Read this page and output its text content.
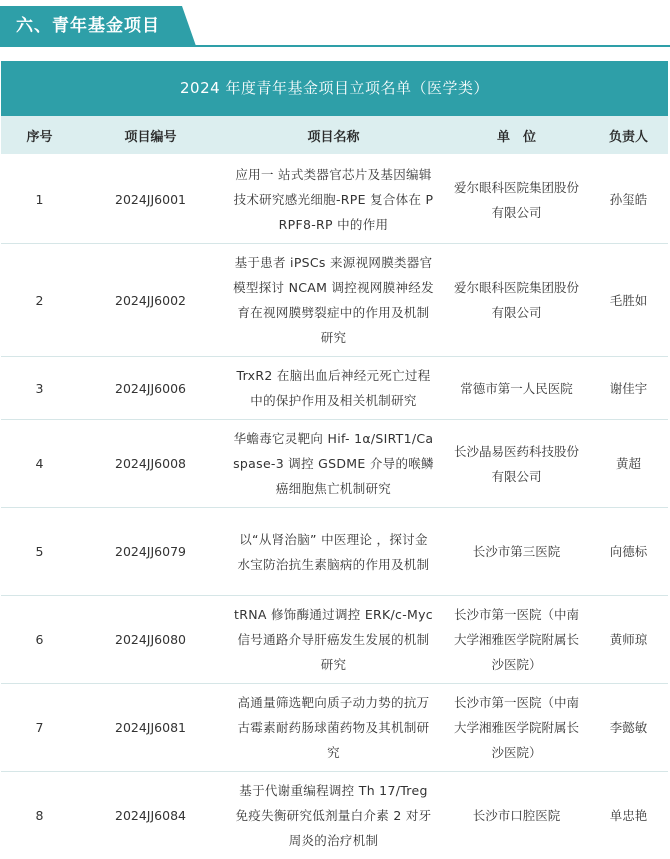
六、青年基金项目
2024 年度青年基金项目立项名单（医学类）
序号	项目编号	项目名称	单　位	负责人
1	2024JJ6001	应用一 站式类器官芯片及基因编辑技术研究感光细胞-RPE 复合体在 PRPF8-RP 中的作用	爱尔眼科医院集团股份有限公司	孙玺皓
2	2024JJ6002	基于患者 iPSCs 来源视网膜类器官模型探讨 NCAM 调控视网膜神经发育在视网膜劈裂症中的作用及机制研究	爱尔眼科医院集团股份有限公司	毛胜如
3	2024JJ6006	TrxR2 在脑出血后神经元死亡过程中的保护作用及相关机制研究	常德市第一人民医院	谢佳宇
4	2024JJ6008	华蟾毒它灵靶向 Hif- 1α/SIRT1/Caspase-3 调控 GSDME 介导的喉鳞癌细胞焦亡机制研究	长沙晶易医药科技股份有限公司	黄超
5	2024JJ6079	以“从肾治脑” 中医理论 ，探讨金水宝防治抗生素脑病的作用及机制	长沙市第三医院	向德标
6	2024JJ6080	tRNA 修饰酶通过调控 ERK/c-Myc 信号通路介导肝癌发生发展的机制研究	长沙市第一医院（中南大学湘雅医学院附属长沙医院）	黄师琼
7	2024JJ6081	高通量筛选靶向质子动力势的抗万古霉素耐药肠球菌药物及其机制研究	长沙市第一医院（中南大学湘雅医学院附属长沙医院）	李懿敏
8	2024JJ6084	基于代谢重编程调控 Th 17/Treg 免疫失衡研究低剂量白介素 2 对牙周炎的治疗机制	长沙市口腔医院	单忠艳
